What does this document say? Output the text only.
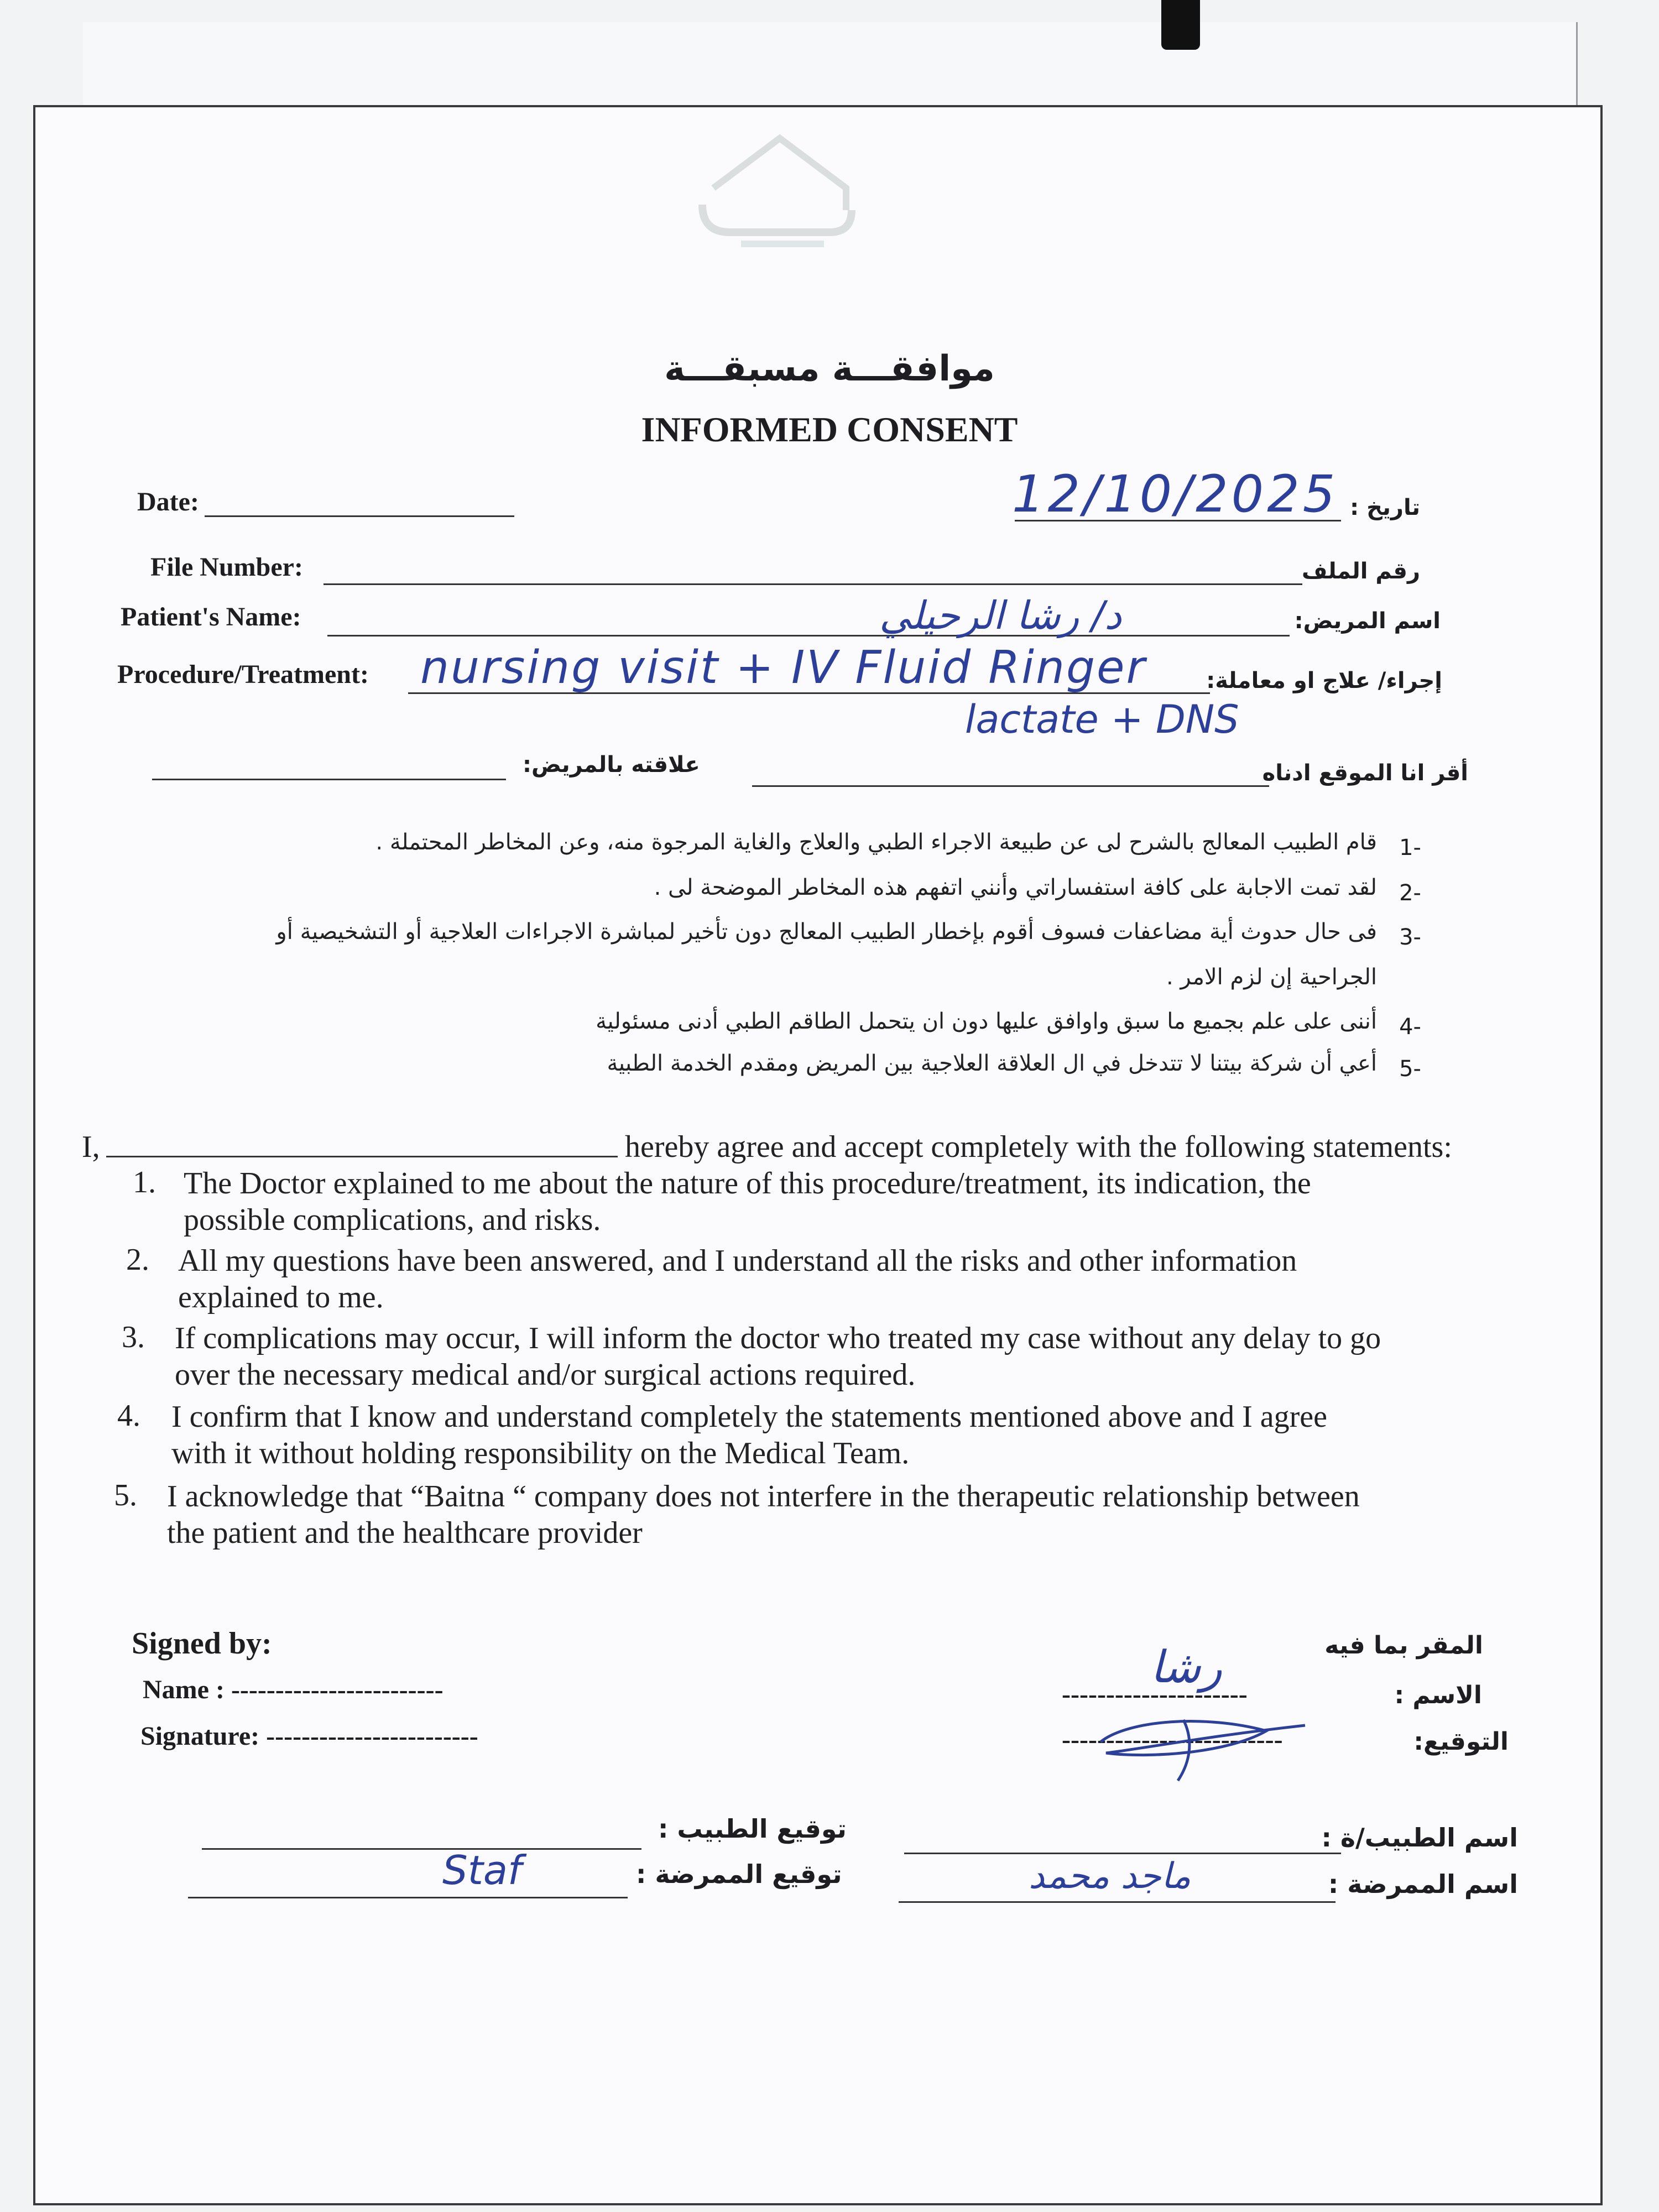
موافقـــة مسبقـــة
INFORMED CONSENT
Date:	12/10/2025 تاريخ :
File Number:	رقم الملف
Patient's Name:	د/ رشا الرحيلي	اسم المريض:
Procedure/Treatment: nursing visit + IV Fluid Ringer
lactate + DNS
إجراء/ علاج او معاملة:
علاقته بالمريض:	أقر انا الموقع ادناه
1-
قام الطبيب المعالج بالشرح لى عن طبيعة الاجراء الطبي والعلاج والغاية المرجوة منه، وعن المخاطر المحتملة .
2-
لقد تمت الاجابة على كافة استفساراتي وأنني اتفهم هذه المخاطر الموضحة لى .
3-
فى حال حدوث أية مضاعفات فسوف أقوم بإخطار الطبيب المعالج دون تأخير لمباشرة الاجراءات العلاجية أو التشخيصية أو
الجراحية إن لزم الامر .
4-
أننى على علم بجميع ما سبق واوافق عليها دون ان يتحمل الطاقم الطبي أدنى مسئولية
5-
أعي أن شركة بيتنا لا تتدخل في ال العلاقة العلاجية بين المريض ومقدم الخدمة الطبية
I,	hereby agree and accept completely with the following statements:
1. The Doctor explained to me about the nature of this procedure/treatment, its indication, the
possible complications, and risks.
2. All my questions have been answered, and I understand all the risks and other information
explained to me.
3. If complications may occur, I will inform the doctor who treated my case without any delay to go
over the necessary medical and/or surgical actions required.
4. I confirm that I know and understand completely the statements mentioned above and I agree
with it without holding responsibility on the Medical Team.
5. I acknowledge that “Baitna “ company does not interfere in the therapeutic relationship between
the patient and the healthcare provider
Signed by:
Name : ------------------------
Signature: ------------------------
المقر بما فيه
---------------------	الاسم :
رشا
-------------------------	التوقيع:
توقيع الطبيب :
Staf	توقيع الممرضة :
اسم الطبيب/ة :
ماجد محمد	اسم الممرضة :
